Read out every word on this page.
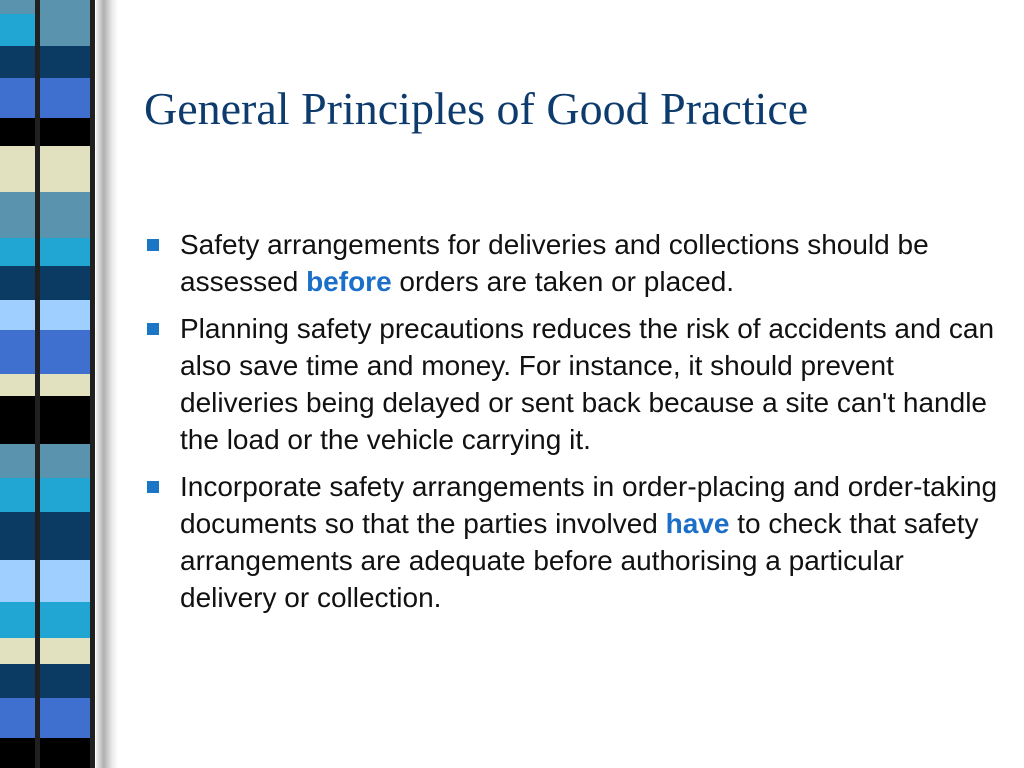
General Principles of Good Practice
Safety arrangements for deliveries and collections should be assessed before orders are taken or placed.
Planning safety precautions reduces the risk of accidents and can also save time and money. For instance, it should prevent deliveries being delayed or sent back because a site can't handle the load or the vehicle carrying it.
Incorporate safety arrangements in order-placing and order-taking documents so that the parties involved have to check that safety arrangements are adequate before authorising a particular delivery or collection.
